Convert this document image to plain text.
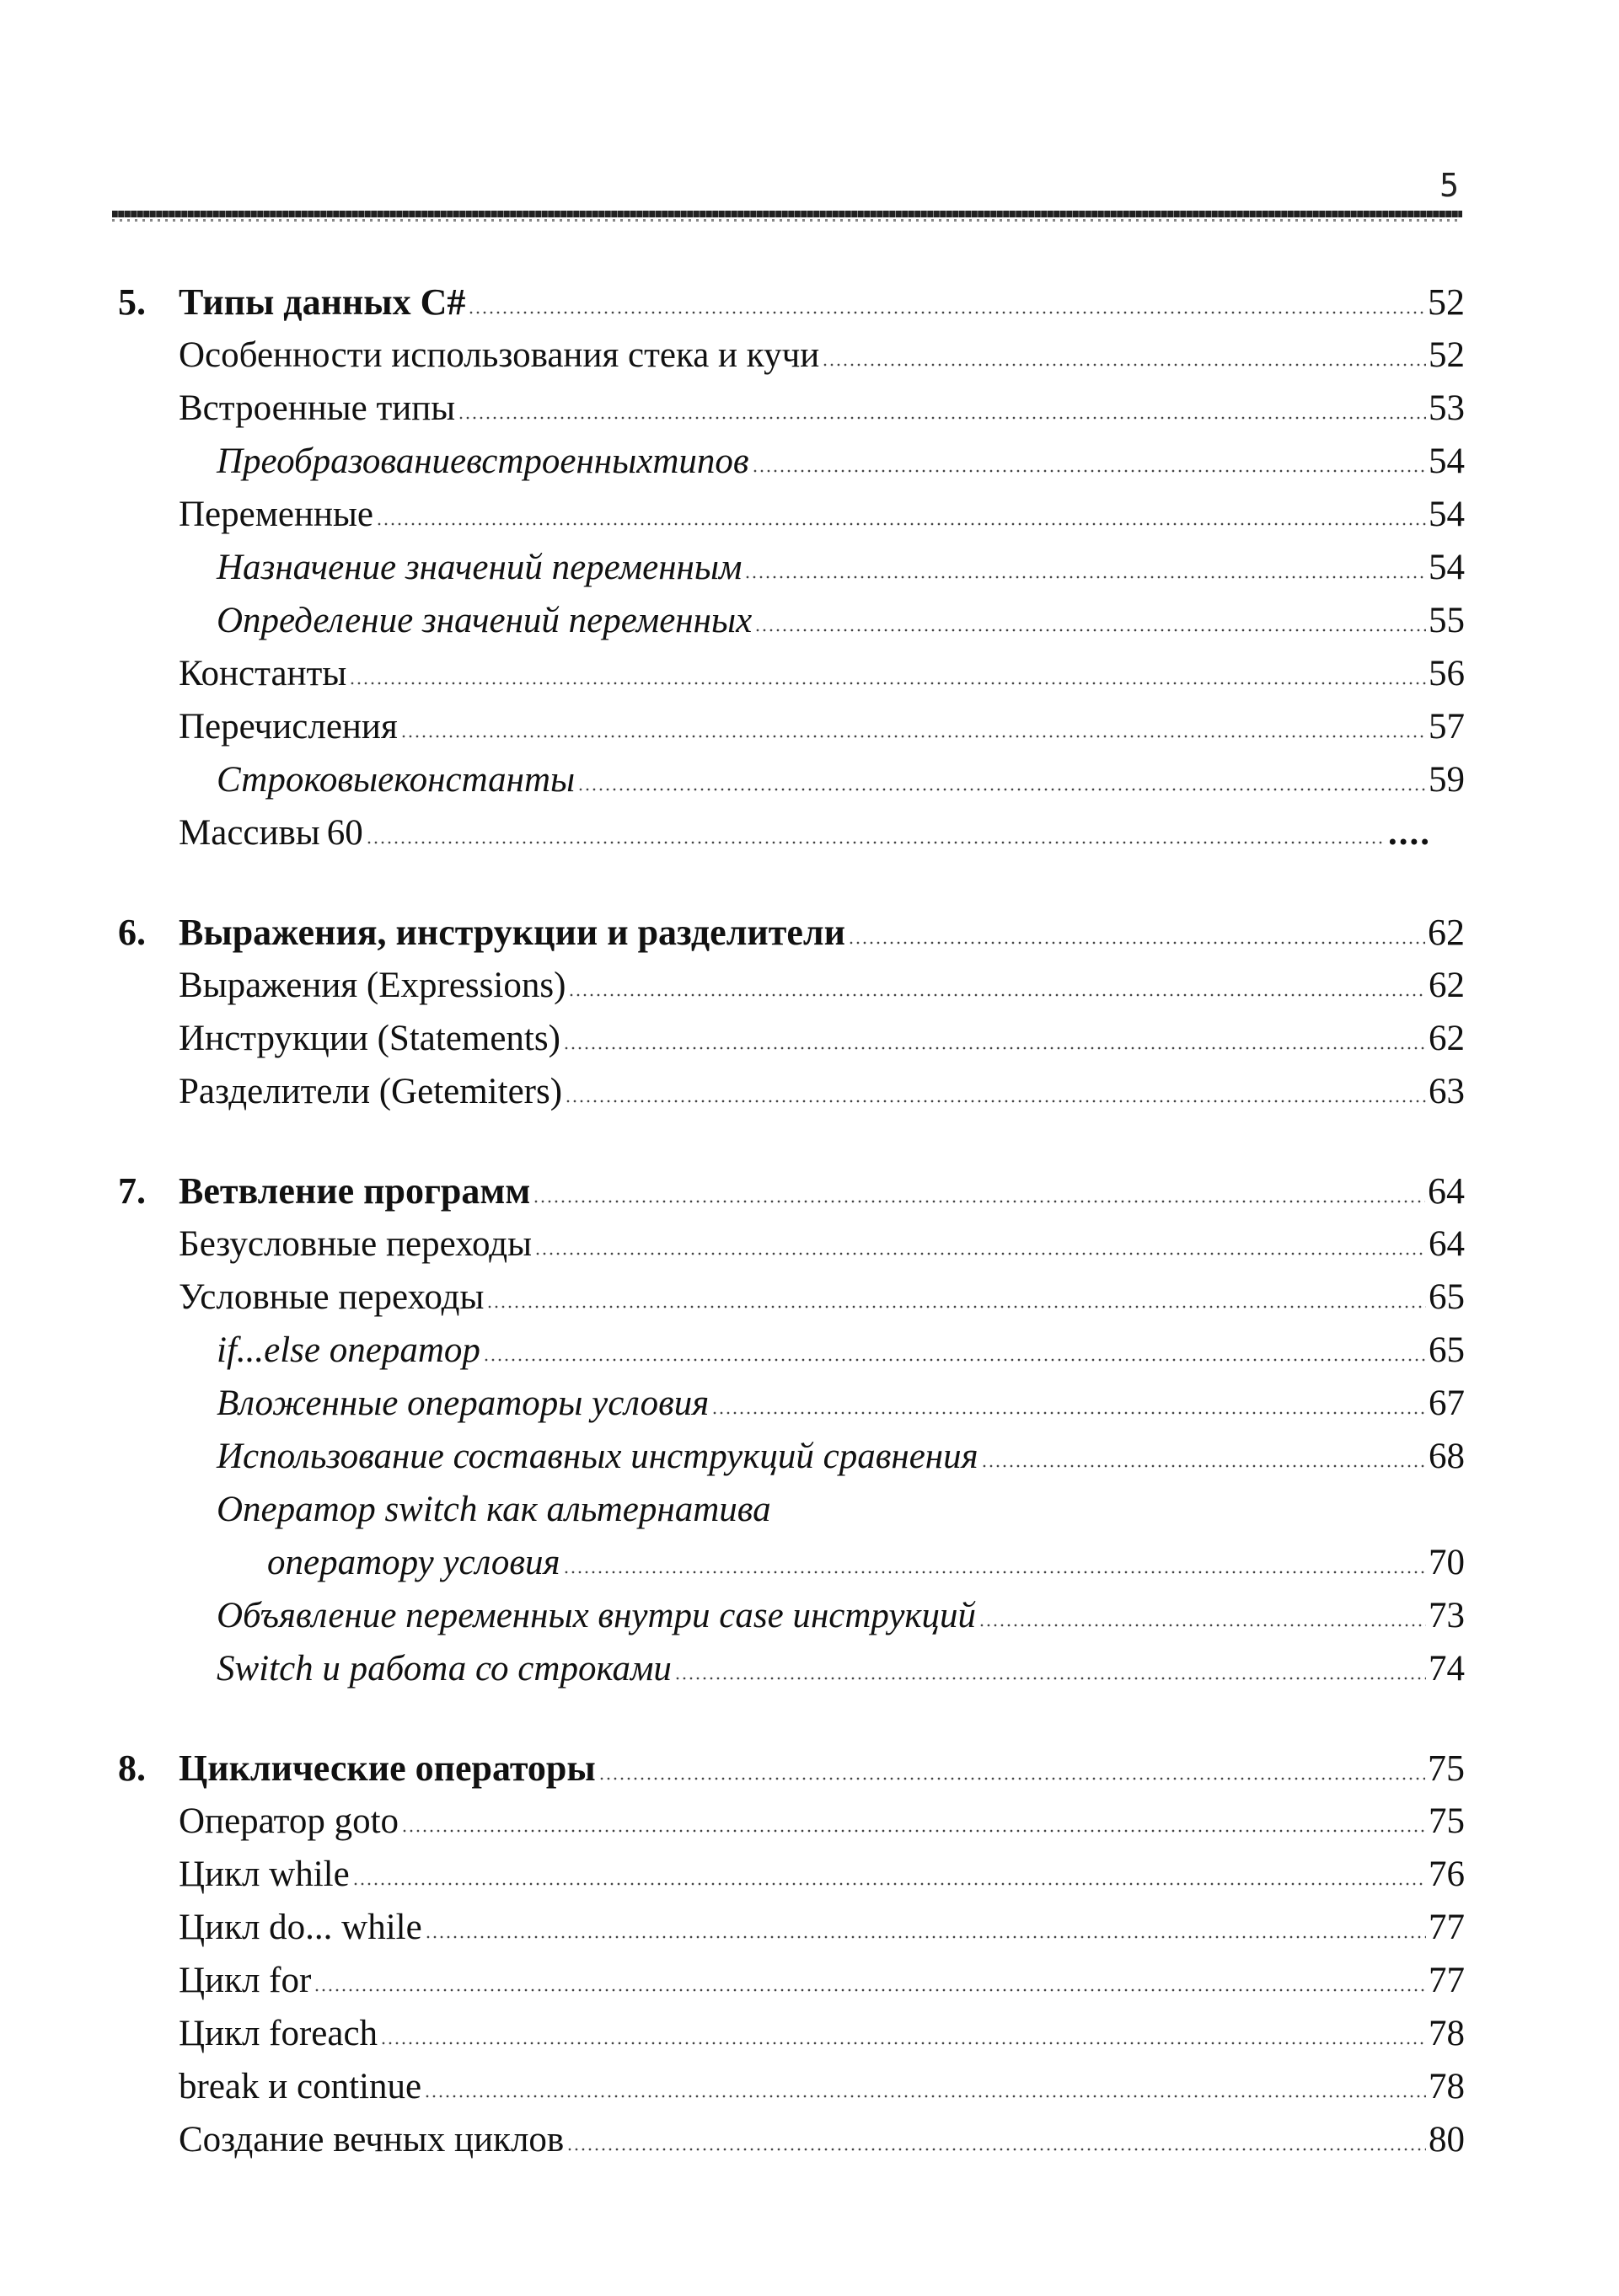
5
5. Типы данных C#	52
Особенности использования стека и кучи	52
Встроенные типы	53
Преобразованиевстроенныхтипов	54
Переменные	54
Назначение значений переменным	54
Определение значений переменных	55
Константы	56
Перечисления	57
Строковыеконстанты	59
Массивы 60	....
6. Выражения, инструкции и разделители	62
Выражения (Expressions)	62
Инструкции (Statements)	62
Разделители (Getemiters)	63
7. Ветвление программ	64
Безусловные переходы	64
Условные переходы	65
if...else оператор	65
Вложенные операторы условия	67
Использование составных инструкций сравнения	68
Оператор switch как альтернатива
оператору условия	70
Объявление переменных внутри case инструкций	73
Switch и работа со строками	74
8. Циклические операторы	75
Оператор goto	75
Цикл while	76
Цикл do... while	77
Цикл for	77
Цикл foreach	78
break и continue	78
Создание вечных циклов	80
